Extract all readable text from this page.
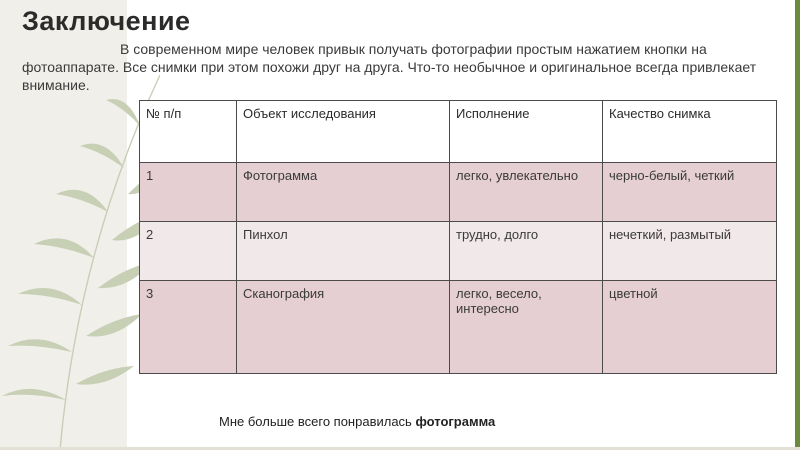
Заключение
В современном мире человек привык получать фотографии простым нажатием кнопки на фотоаппарате. Все снимки при этом похожи друг на друга. Что-то необычное и оригинальное всегда привлекает внимание.
№ п/п	Объект исследования	Исполнение	Качество снимка
1	Фотограмма	легко, увлекательно	черно-белый, четкий
2	Пинхол	трудно, долго	нечеткий, размытый
3	Сканография	легко, весело, интересно	цветной
Мне больше всего понравилась фотограмма
